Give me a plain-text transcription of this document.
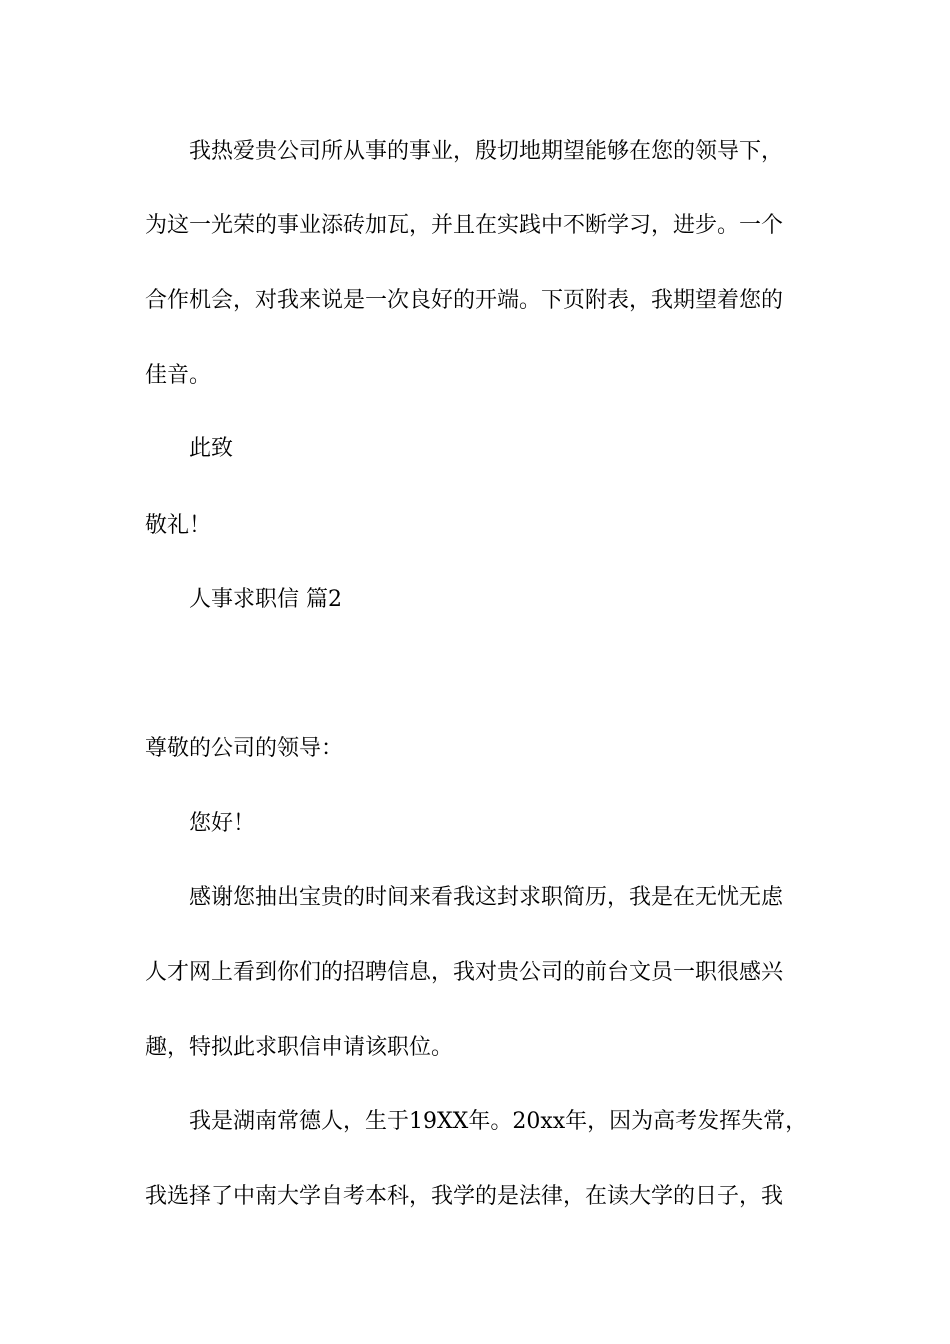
我热爱贵公司所从事的事业，殷切地期望能够在您的领导下，

为这一光荣的事业添砖加瓦，并且在实践中不断学习，进步。一个

合作机会，对我来说是一次良好的开端。下页附表，我期望着您的

佳音。

此致

敬礼！

人事求职信 篇2

尊敬的公司的领导：

您好！

感谢您抽出宝贵的时间来看我这封求职简历，我是在无忧无虑

人才网上看到你们的招聘信息，我对贵公司的前台文员一职很感兴

趣，特拟此求职信申请该职位。

我是湖南常德人，生于19XX年。20xx年，因为高考发挥失常，

我选择了中南大学自考本科，我学的是法律，在读大学的日子，我
